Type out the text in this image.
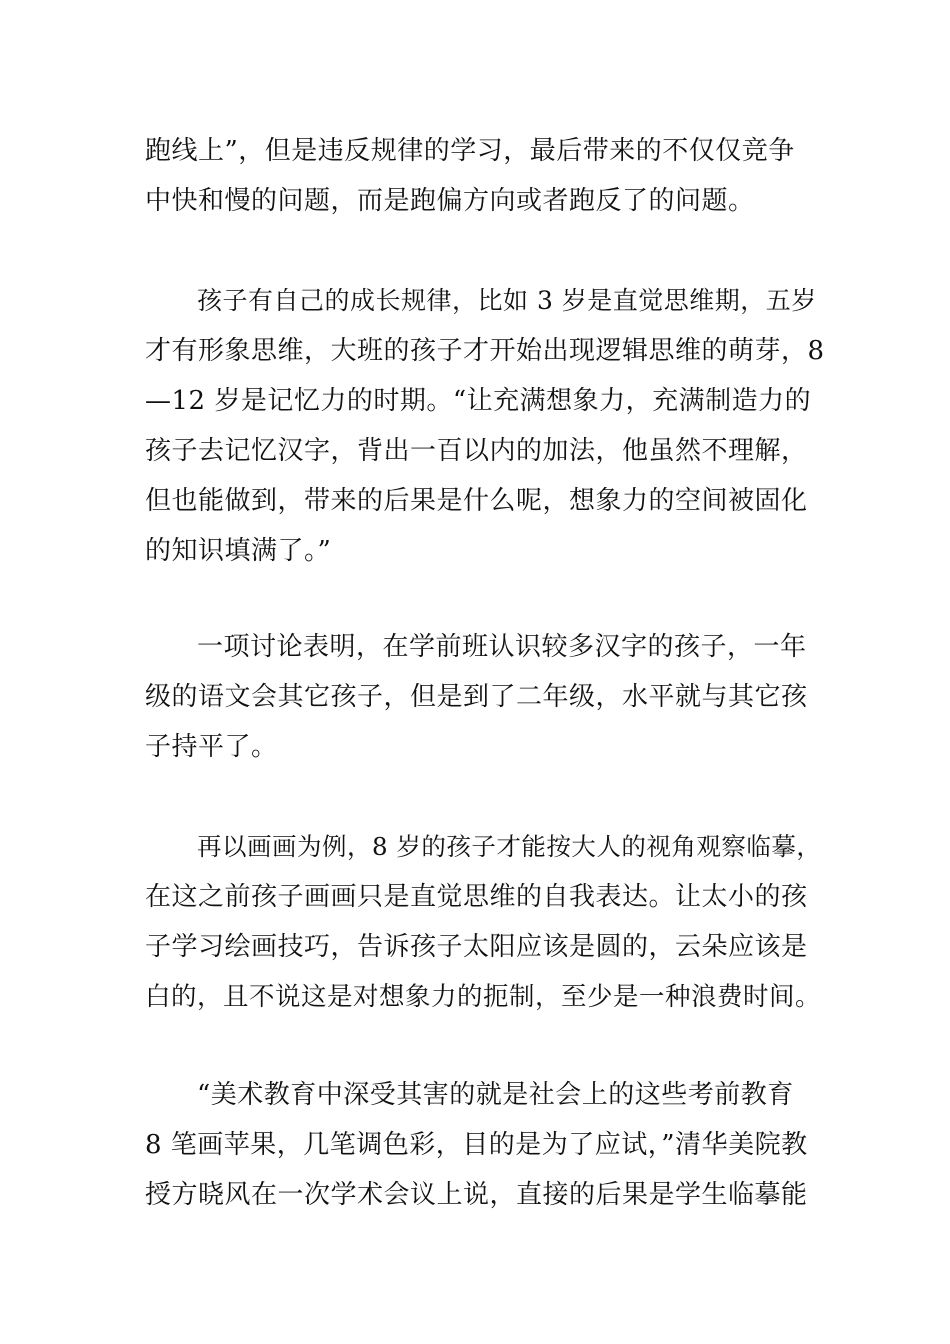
跑线上”，但是违反规律的学习，最后带来的不仅仅竞争
中快和慢的问题，而是跑偏方向或者跑反了的问题。
孩子有自己的成长规律，比如 3 岁是直觉思维期，五岁
才有形象思维，大班的孩子才开始出现逻辑思维的萌芽，8
—12 岁是记忆力的时期。“让充满想象力，充满制造力的
孩子去记忆汉字，背出一百以内的加法，他虽然不理解，
但也能做到，带来的后果是什么呢，想象力的空间被固化
的知识填满了。”
一项讨论表明，在学前班认识较多汉字的孩子，一年
级的语文会其它孩子，但是到了二年级，水平就与其它孩
子持平了。
再以画画为例，8 岁的孩子才能按大人的视角观察临摹，
在这之前孩子画画只是直觉思维的自我表达。让太小的孩
子学习绘画技巧，告诉孩子太阳应该是圆的，云朵应该是
白的，且不说这是对想象力的扼制，至少是一种浪费时间。
“美术教育中深受其害的就是社会上的这些考前教育
8 笔画苹果，几笔调色彩，目的是为了应试，”清华美院教
授方晓风在一次学术会议上说，直接的后果是学生临摹能
